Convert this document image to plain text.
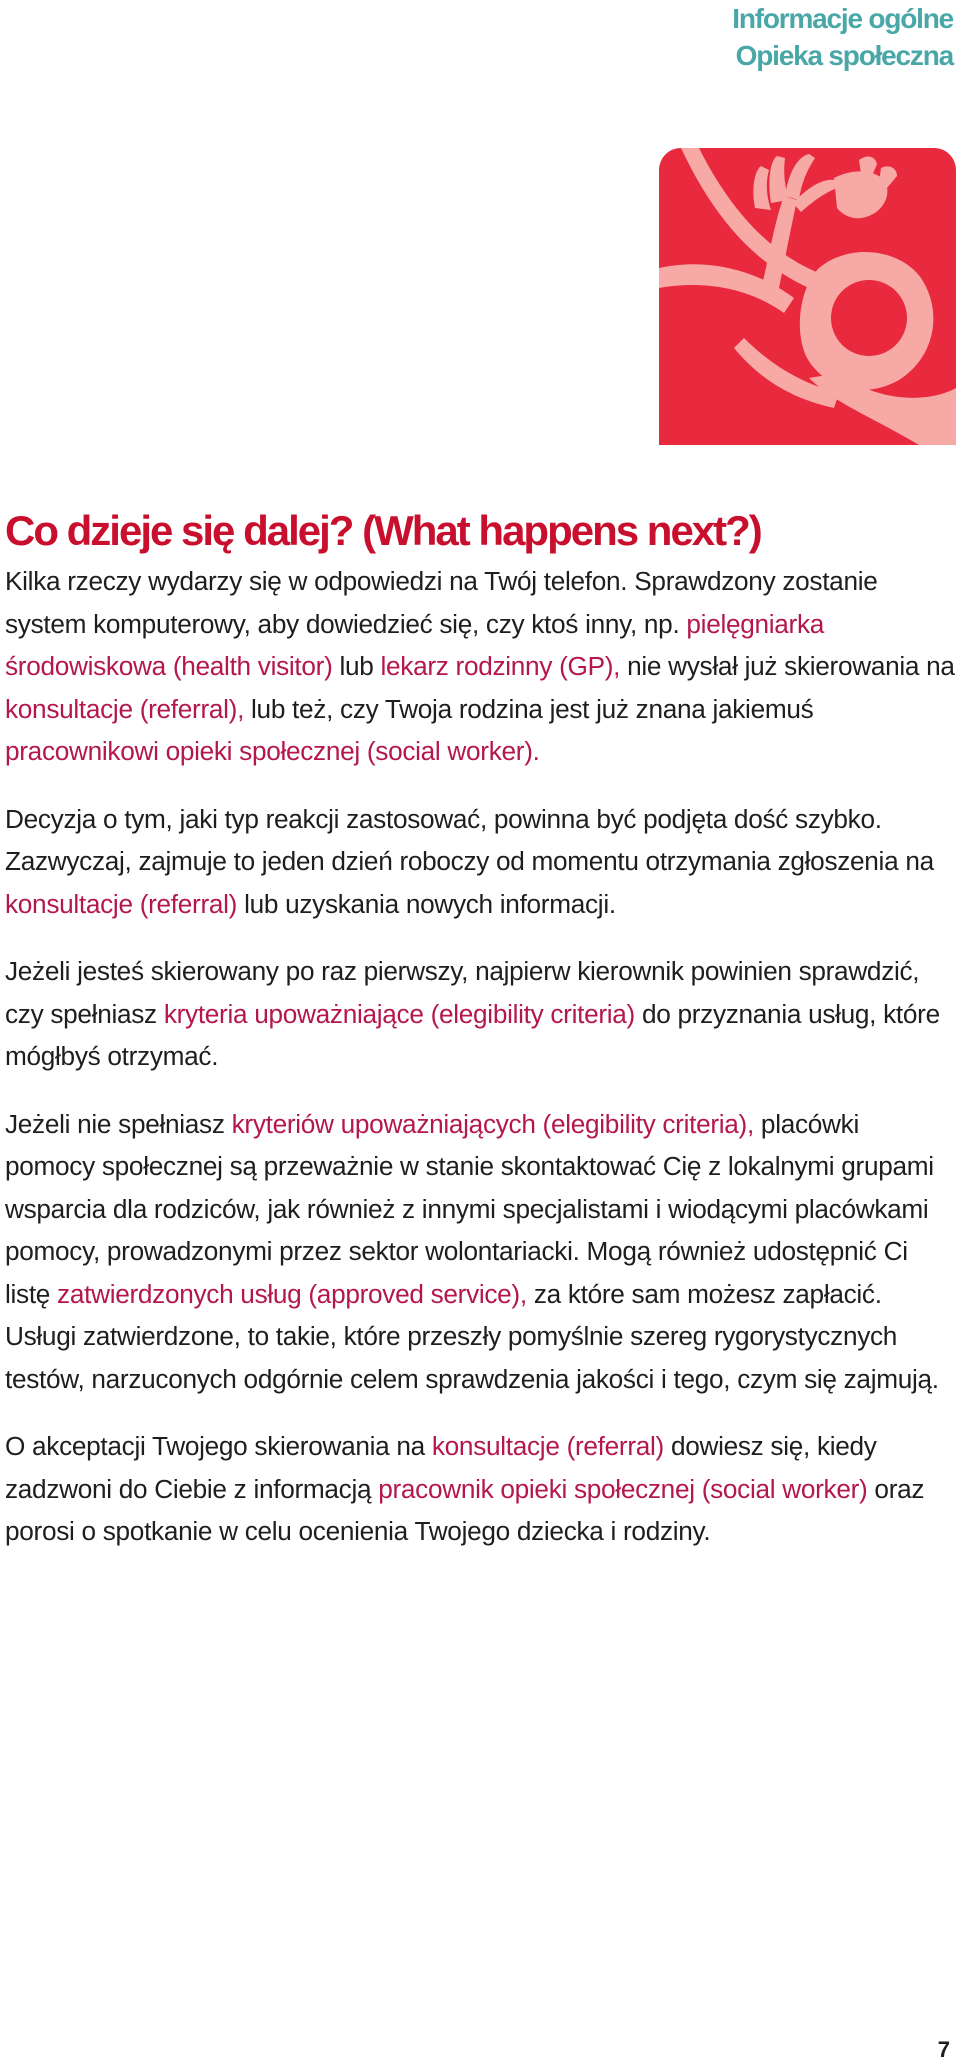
Informacje ogólne
Opieka społeczna
Co dzieje się dalej? (What happens next?)

Kilka rzeczy wydarzy się w odpowiedzi na Twój telefon. Sprawdzony zostanie system komputerowy, aby dowiedzieć się, czy ktoś inny, np. pielęgniarka środowiskowa (health visitor) lub lekarz rodzinny (GP), nie wysłał już skierowania na konsultacje (referral), lub też, czy Twoja rodzina jest już znana jakiemuś pracownikowi opieki społecznej (social worker).

Decyzja o tym, jaki typ reakcji zastosować, powinna być podjęta dość szybko. Zazwyczaj, zajmuje to jeden dzień roboczy od momentu otrzymania zgłoszenia na konsultacje (referral) lub uzyskania nowych informacji.

Jeżeli jesteś skierowany po raz pierwszy, najpierw kierownik powinien sprawdzić, czy spełniasz kryteria upoważniające (elegibility criteria) do przyznania usług, które mógłbyś otrzymać.

Jeżeli nie spełniasz kryteriów upoważniających (elegibility criteria), placówki pomocy społecznej są przeważnie w stanie skontaktować Cię z lokalnymi grupami wsparcia dla rodziców, jak również z innymi specjalistami i wiodącymi placówkami pomocy, prowadzonymi przez sektor wolontariacki. Mogą również udostępnić Ci listę zatwierdzonych usług (approved service), za które sam możesz zapłacić. Usługi zatwierdzone, to takie, które przeszły pomyślnie szereg rygorystycznych testów, narzuconych odgórnie celem sprawdzenia jakości i tego, czym się zajmują.

O akceptacji Twojego skierowania na konsultacje (referral) dowiesz się, kiedy zadzwoni do Ciebie z informacją pracownik opieki społecznej (social worker) oraz porosi o spotkanie w celu ocenienia Twojego dziecka i rodziny.

7
